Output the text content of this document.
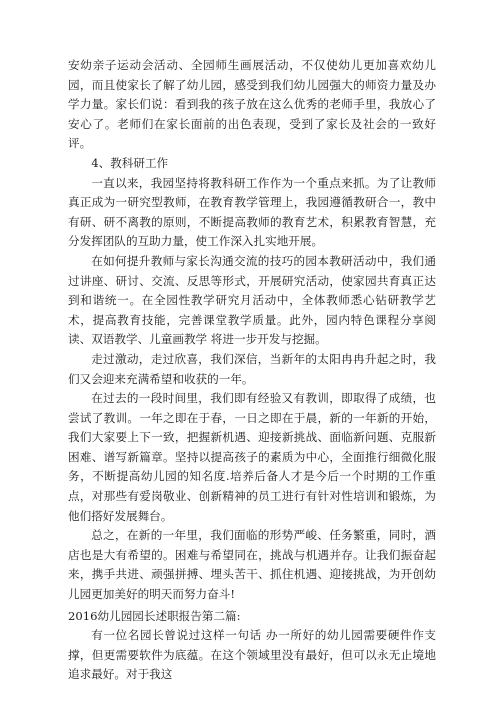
安幼亲子运动会活动、全园师生画展活动，不仅使幼儿更加喜欢幼儿园，而且使家长了解了幼儿园，感受到我们幼儿园强大的师资力量及办学力量。家长们说：看到我的孩子放在这么优秀的老师手里，我放心了安心了。老师们在家长面前的出色表现，受到了家长及社会的一致好评。

4、教科研工作

一直以来，我园坚持将教科研工作作为一个重点来抓。为了让教师真正成为一研究型教师，在教育教学管理上，我园遵循教研合一，教中有研、研不离教的原则，不断提高教师的教育艺术，积累教育智慧，充分发挥团队的互助力量，使工作深入扎实地开展。

在如何提升教师与家长沟通交流的技巧的园本教研活动中，我们通过讲座、研讨、交流、反思等形式，开展研究活动，使家园共育真正达到和谐统一。在全园性教学研究月活动中，全体教师悉心钻研教学艺术，提高教育技能，完善课堂教学质量。此外，园内特色课程分享阅读、双语教学、儿童画教学 将进一步开发与挖掘。

走过激动，走过欣喜，我们深信，当新年的太阳冉冉升起之时，我们又会迎来充满希望和收获的一年。

在过去的一段时间里，我们即有经验又有教训，即取得了成绩，也尝试了教训。一年之即在于春，一日之即在于晨，新的一年新的开始，我们大家要上下一致，把握新机遇、迎接新挑战、面临新问题、克服新困难、谱写新篇章。坚持以提高孩子的素质为中心，全面推行细微化服务，不断提高幼儿园的知名度.培养后备人才是今后一个时期的工作重点，对那些有爱岗敬业、创新精神的员工进行有针对性培训和锻炼，为他们搭好发展舞台。

总之，在新的一年里，我们面临的形势严峻、任务繁重，同时，酒店也是大有希望的。困难与希望同在，挑战与机遇并存。让我们振奋起来，携手共进、顽强拼搏、埋头苦干、抓住机遇、迎接挑战，为开创幼儿园更加美好的明天而努力奋斗!

2016幼儿园园长述职报告第二篇:

有一位名园长曾说过这样一句话 办一所好的幼儿园需要硬件作支撑，但更需要软件为底蕴。在这个领域里没有最好，但可以永无止境地追求最好。对于我这
